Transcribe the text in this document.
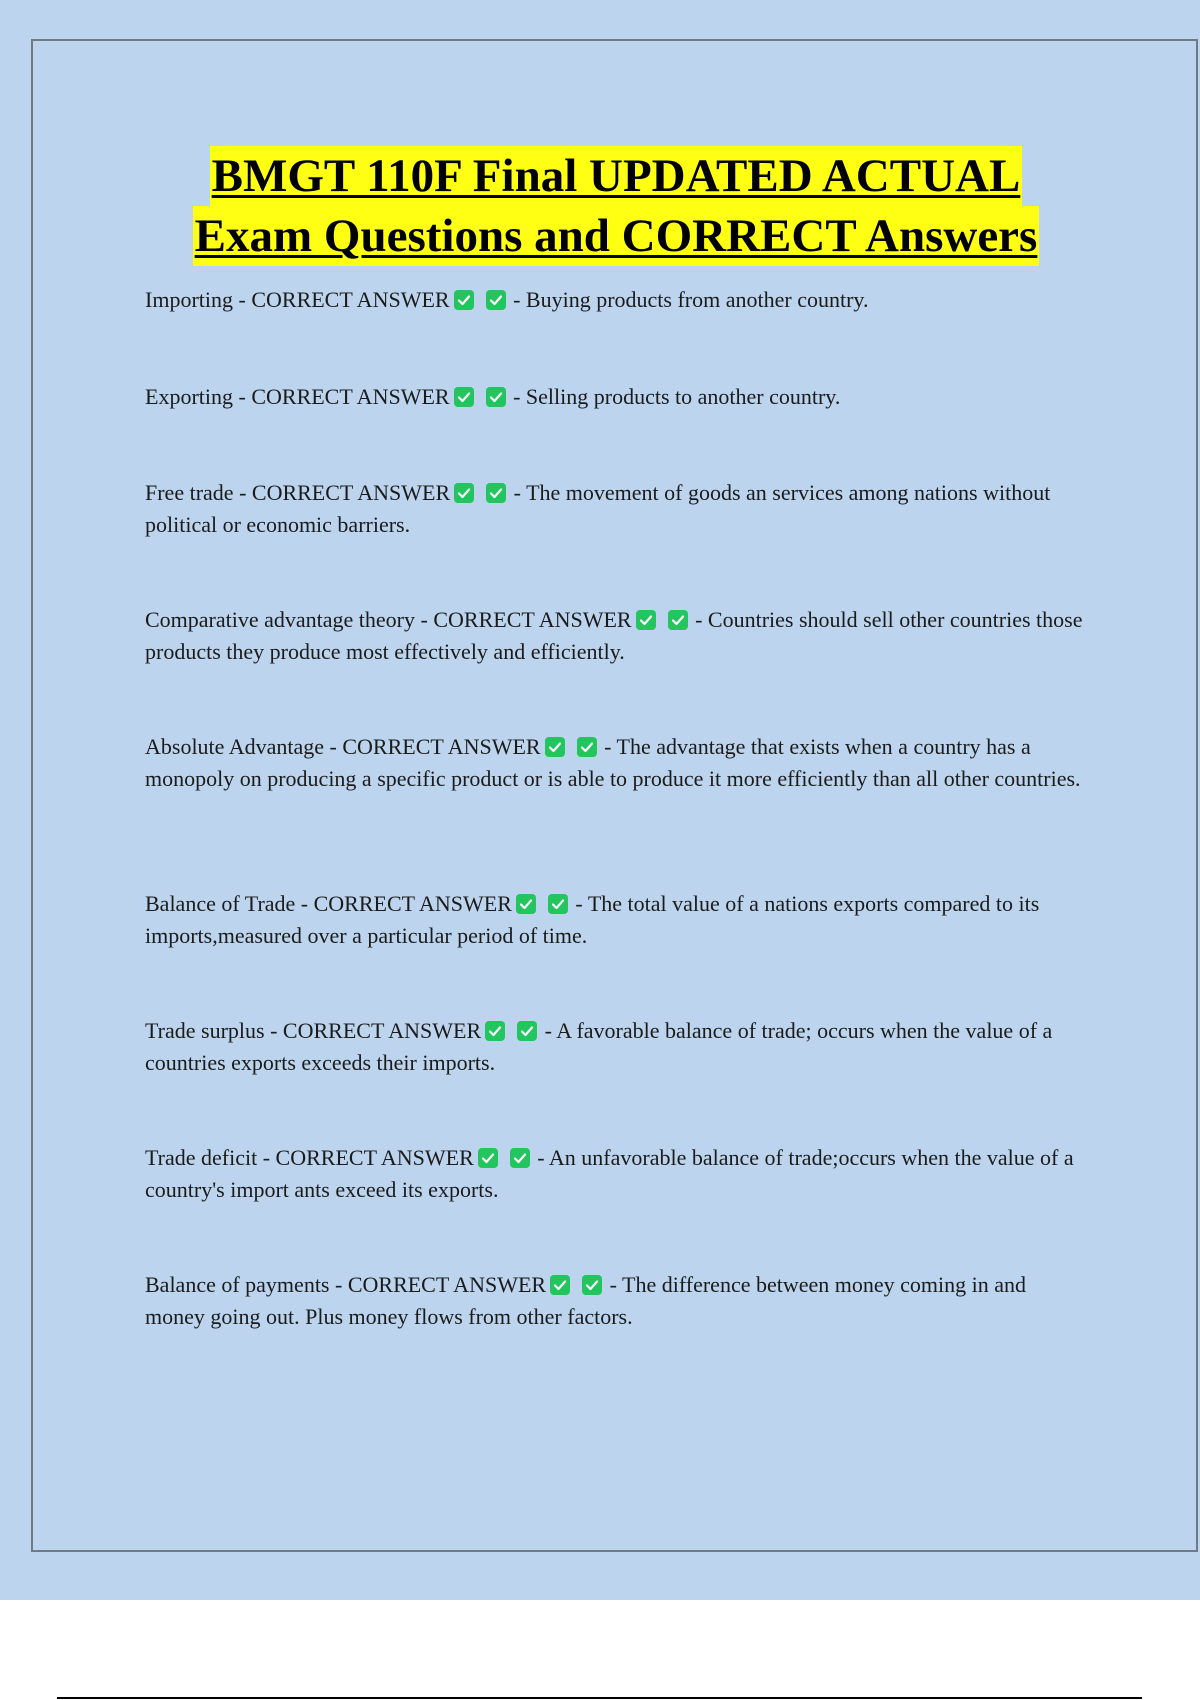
BMGT 110F Final UPDATED ACTUAL
Exam Questions and CORRECT Answers
Importing - CORRECT ANSWER	- Buying products from another country.
Exporting - CORRECT ANSWER	- Selling products to another country.
Free trade - CORRECT ANSWER	- The movement of goods an services among nations without political or economic barriers.
Comparative advantage theory - CORRECT ANSWER	- Countries should sell other countries those products they produce most effectively and efficiently.
Absolute Advantage - CORRECT ANSWER	- The advantage that exists when a country has a monopoly on producing a specific product or is able to produce it more efficiently than all other countries.
Balance of Trade - CORRECT ANSWER	- The total value of a nations exports compared to its imports,measured over a particular period of time.
Trade surplus - CORRECT ANSWER	- A favorable balance of trade; occurs when the value of a countries exports exceeds their imports.
Trade deficit - CORRECT ANSWER	- An unfavorable balance of trade;occurs when the value of a country's import ants exceed its exports.
Balance of payments - CORRECT ANSWER	- The difference between money coming in and money going out. Plus money flows from other factors.
